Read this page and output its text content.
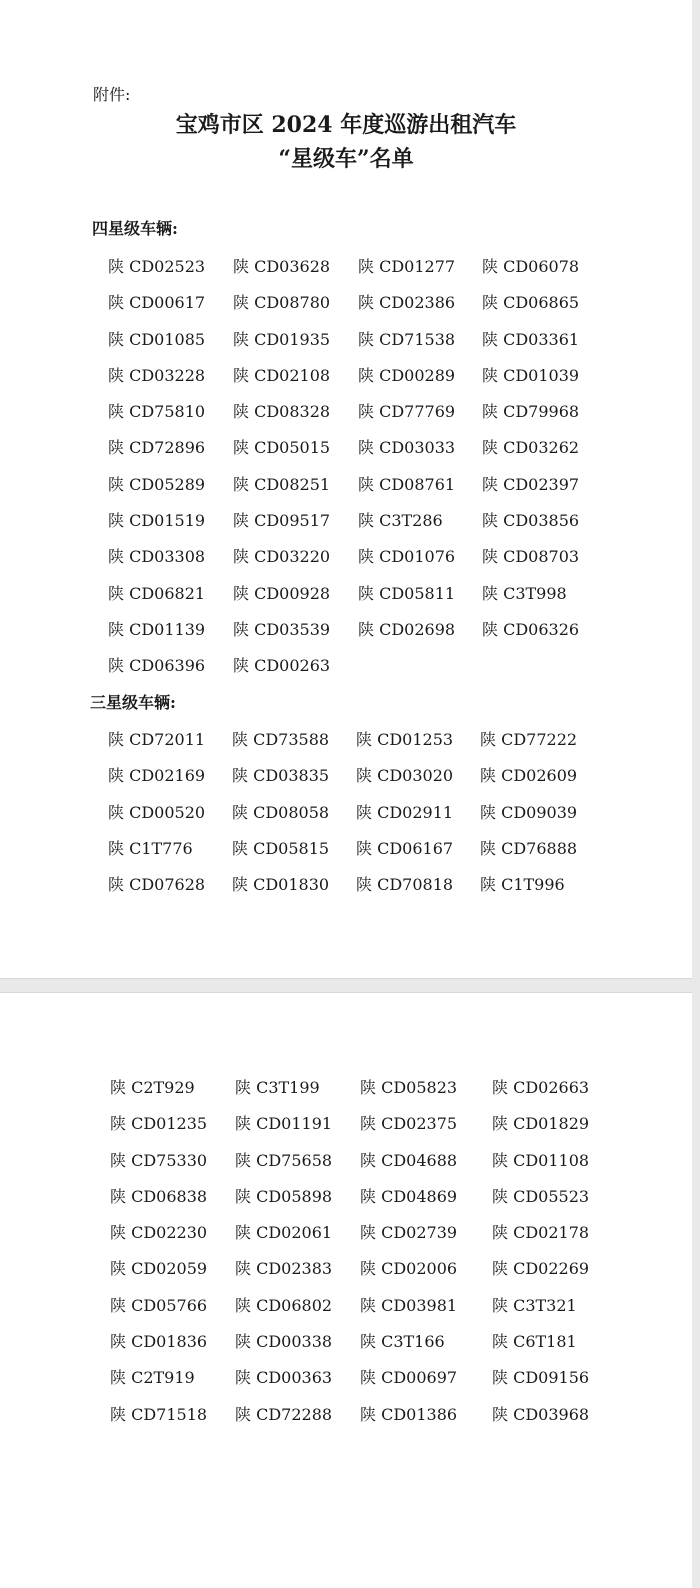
附件:
宝鸡市区 2024 年度巡游出租汽车
“星级车”名单
四星级车辆:
陕 CD02523 陕 CD03628 陕 CD01277 陕 CD06078
陕 CD00617 陕 CD08780 陕 CD02386 陕 CD06865
陕 CD01085 陕 CD01935 陕 CD71538 陕 CD03361
陕 CD03228 陕 CD02108 陕 CD00289 陕 CD01039
陕 CD75810 陕 CD08328 陕 CD77769 陕 CD79968
陕 CD72896 陕 CD05015 陕 CD03033 陕 CD03262
陕 CD05289 陕 CD08251 陕 CD08761 陕 CD02397
陕 CD01519 陕 CD09517 陕 C3T286 陕 CD03856
陕 CD03308 陕 CD03220 陕 CD01076 陕 CD08703
陕 CD06821 陕 CD00928 陕 CD05811 陕 C3T998
陕 CD01139 陕 CD03539 陕 CD02698 陕 CD06326
陕 CD06396 陕 CD00263
三星级车辆:
陕 CD72011 陕 CD73588 陕 CD01253 陕 CD77222
陕 CD02169 陕 CD03835 陕 CD03020 陕 CD02609
陕 CD00520 陕 CD08058 陕 CD02911 陕 CD09039
陕 C1T776 陕 CD05815 陕 CD06167 陕 CD76888
陕 CD07628 陕 CD01830 陕 CD70818 陕 C1T996
陕 C2T929	陕 C3T199	陕 CD05823 陕 CD02663
陕 CD01235 陕 CD01191 陕 CD02375 陕 CD01829
陕 CD75330 陕 CD75658 陕 CD04688 陕 CD01108
陕 CD06838 陕 CD05898 陕 CD04869 陕 CD05523
陕 CD02230 陕 CD02061 陕 CD02739 陕 CD02178
陕 CD02059 陕 CD02383 陕 CD02006 陕 CD02269
陕 CD05766 陕 CD06802 陕 CD03981 陕 C3T321
陕 CD01836 陕 CD00338 陕 C3T166	陕 C6T181
陕 C2T919	陕 CD00363 陕 CD00697 陕 CD09156
陕 CD71518 陕 CD72288 陕 CD01386 陕 CD03968
